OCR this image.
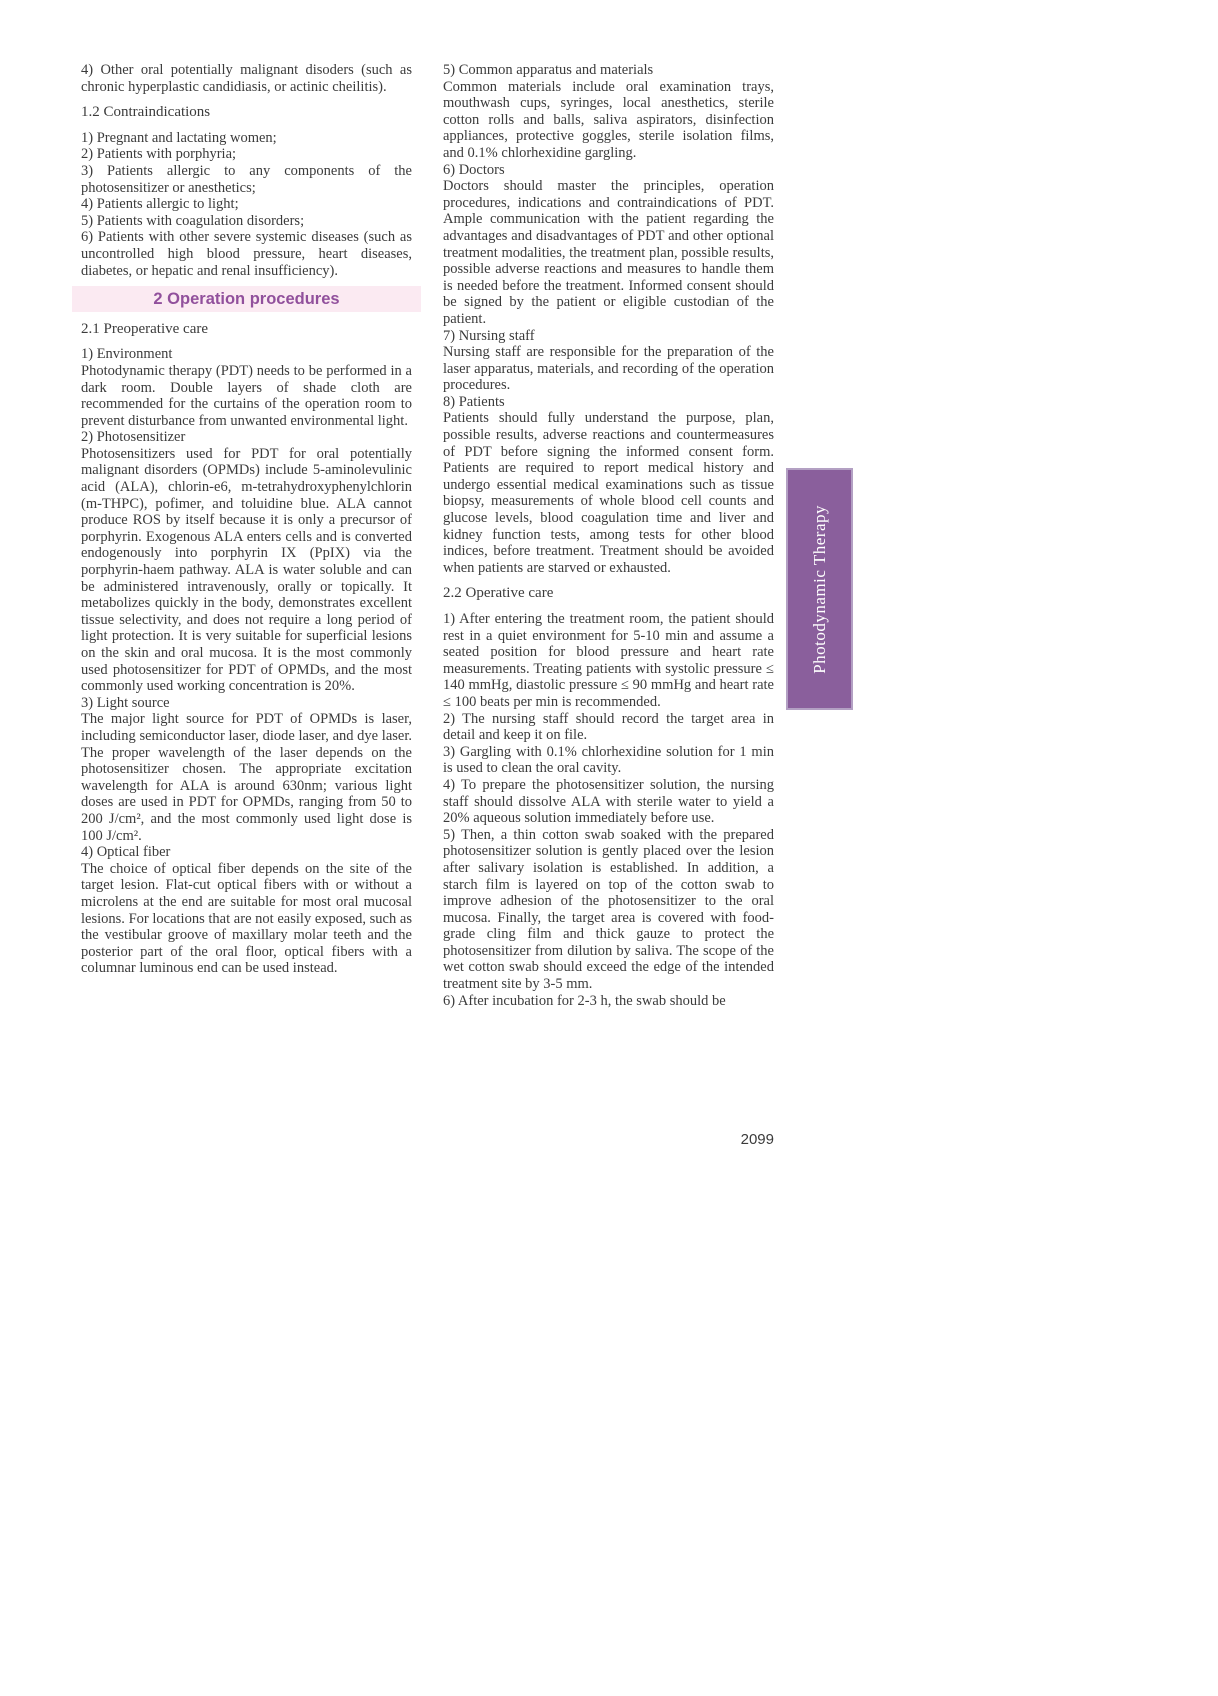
4) Other oral potentially malignant disoders (such as chronic hyperplastic candidiasis, or actinic cheilitis).

1.2 Contraindications

1) Pregnant and lactating women;

2) Patients with porphyria;

3) Patients allergic to any components of the photosensitizer or anesthetics;

4) Patients allergic to light;

5) Patients with coagulation disorders;

6) Patients with other severe systemic diseases (such as uncontrolled high blood pressure, heart diseases, diabetes, or hepatic and renal insufficiency).

2 Operation procedures
2.1 Preoperative care

1) Environment

Photodynamic therapy (PDT) needs to be performed in a dark room. Double layers of shade cloth are recommended for the curtains of the operation room to prevent disturbance from unwanted environmental light.

2) Photosensitizer

Photosensitizers used for PDT for oral potentially malignant disorders (OPMDs) include 5-aminolevulinic acid (ALA), chlorin-e6, m-tetrahydroxyphenylchlorin (m-THPC), pofimer, and toluidine blue. ALA cannot produce ROS by itself because it is only a precursor of porphyrin. Exogenous ALA enters cells and is converted endogenously into porphyrin IX (PpIX) via the porphyrin-haem pathway. ALA is water soluble and can be administered intravenously, orally or topically. It metabolizes quickly in the body, demonstrates excellent tissue selectivity, and does not require a long period of light protection. It is very suitable for superficial lesions on the skin and oral mucosa. It is the most commonly used photosensitizer for PDT of OPMDs, and the most commonly used working concentration is 20%.

3) Light source

The major light source for PDT of OPMDs is laser, including semiconductor laser, diode laser, and dye laser. The proper wavelength of the laser depends on the photosensitizer chosen. The appropriate excitation wavelength for ALA is around 630nm; various light doses are used in PDT for OPMDs, ranging from 50 to 200 J/cm², and the most commonly used light dose is 100 J/cm².

4) Optical fiber

The choice of optical fiber depends on the site of the target lesion. Flat-cut optical fibers with or without a microlens at the end are suitable for most oral mucosal lesions. For locations that are not easily exposed, such as the vestibular groove of maxillary molar teeth and the posterior part of the oral floor, optical fibers with a columnar luminous end can be used instead.

5) Common apparatus and materials

Common materials include oral examination trays, mouthwash cups, syringes, local anesthetics, sterile cotton rolls and balls, saliva aspirators, disinfection appliances, protective goggles, sterile isolation films, and 0.1% chlorhexidine gargling.

6) Doctors

Doctors should master the principles, operation procedures, indications and contraindications of PDT. Ample communication with the patient regarding the advantages and disadvantages of PDT and other optional treatment modalities, the treatment plan, possible results, possible adverse reactions and measures to handle them is needed before the treatment. Informed consent should be signed by the patient or eligible custodian of the patient.

7) Nursing staff

Nursing staff are responsible for the preparation of the laser apparatus, materials, and recording of the operation procedures.

8) Patients

Patients should fully understand the purpose, plan, possible results, adverse reactions and countermeasures of PDT before signing the informed consent form. Patients are required to report medical history and undergo essential medical examinations such as tissue biopsy, measurements of whole blood cell counts and glucose levels, blood coagulation time and liver and kidney function tests, among tests for other blood indices, before treatment. Treatment should be avoided when patients are starved or exhausted.

2.2 Operative care

1) After entering the treatment room, the patient should rest in a quiet environment for 5-10 min and assume a seated position for blood pressure and heart rate measurements. Treating patients with systolic pressure ≤ 140 mmHg, diastolic pressure ≤ 90 mmHg and heart rate ≤ 100 beats per min is recommended.

2) The nursing staff should record the target area in detail and keep it on file.

3) Gargling with 0.1% chlorhexidine solution for 1 min is used to clean the oral cavity.

4) To prepare the photosensitizer solution, the nursing staff should dissolve ALA with sterile water to yield a 20% aqueous solution immediately before use.

5) Then, a thin cotton swab soaked with the prepared photosensitizer solution is gently placed over the lesion after salivary isolation is established. In addition, a starch film is layered on top of the cotton swab to improve adhesion of the photosensitizer to the oral mucosa. Finally, the target area is covered with food-grade cling film and thick gauze to protect the photosensitizer from dilution by saliva. The scope of the wet cotton swab should exceed the edge of the intended treatment site by 3-5 mm.

6) After incubation for 2-3 h, the swab should be

Photodynamic Therapy
2099
